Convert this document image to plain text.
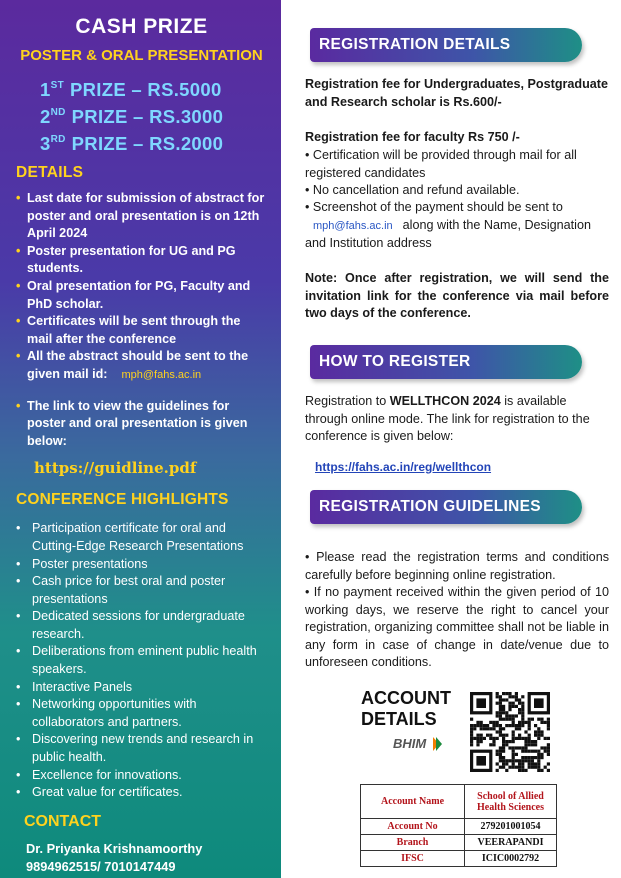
CASH PRIZE
POSTER & ORAL PRESENTATION
1ST PRIZE – RS.5000
2ND PRIZE – RS.3000
3RD PRIZE – RS.2000
DETAILS
• Last date for submission of abstract for poster and oral presentation is on 12th April 2024
• Poster presentation for UG and PG students.
• Oral presentation for PG, Faculty and PhD scholar.
• Certificates will be sent through the mail after the conference
• All the abstract should be sent to the given mail id: mph@fahs.ac.in
• The link to view the guidelines for poster and oral presentation is given below:
https://guidline.pdf
CONFERENCE HIGHLIGHTS
• Participation certificate for oral and Cutting-Edge Research Presentations
• Poster presentations
• Cash price for best oral and poster presentations
• Dedicated sessions for undergraduate research.
• Deliberations from eminent public health speakers.
• Interactive Panels
• Networking opportunities with collaborators and partners.
• Discovering new trends and research in public health.
• Excellence for innovations.
• Great value for certificates.
CONTACT
Dr. Priyanka Krishnamoorthy
9894962515/ 7010147449
REGISTRATION DETAILS
Registration fee for Undergraduates, Postgraduate and Research scholar is Rs.600/-
Registration fee for faculty Rs 750 /-
• Certification will be provided through mail for all registered candidates
• No cancellation and refund available.
• Screenshot of the payment should be sent to
mph@fahs.ac.in along with the Name, Designation and Institution address
Note: Once after registration, we will send the invitation link for the conference via mail before two days of the conference.
HOW TO REGISTER
Registration to WELLTHCON 2024 is available through online mode. The link for registration to the conference is given below:
https://fahs.ac.in/reg/wellthcon
REGISTRATION GUIDELINES
• Please read the registration terms and conditions carefully before beginning online registration.
• If no payment received within the given period of 10 working days, we reserve the right to cancel your registration, organizing committee shall not be liable in any form in case of change in date/venue due to unforeseen conditions.
ACCOUNT
DETAILS
BHIM
Account Name	School of Allied Health Sciences
Account No	279201001054
Branch	VEERAPANDI
IFSC	ICIC0002792
